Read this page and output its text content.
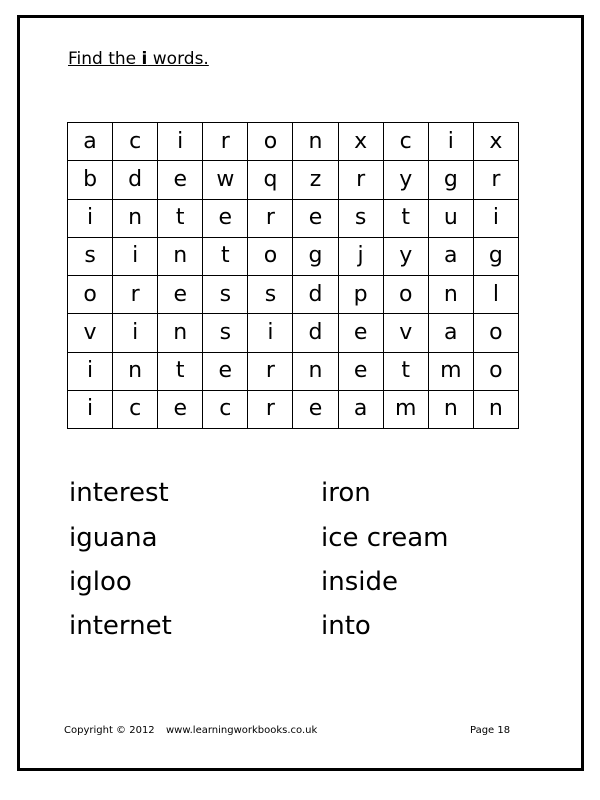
Find the i words.
a	c	i	r	o	n	x	c	i	x
b	d	e	w	q	z	r	y	g	r
i	n	t	e	r	e	s	t	u	i
s	i	n	t	o	g	j	y	a	g
o	r	e	s	s	d	p	o	n	l
v	i	n	s	i	d	e	v	a	o
i	n	t	e	r	n	e	t	m	o
i	c	e	c	r	e	a	m	n	n
interest
iguana
igloo
internet
iron
ice cream
inside
into
Copyright © 2012 www.learningworkbooks.co.uk	Page 18
